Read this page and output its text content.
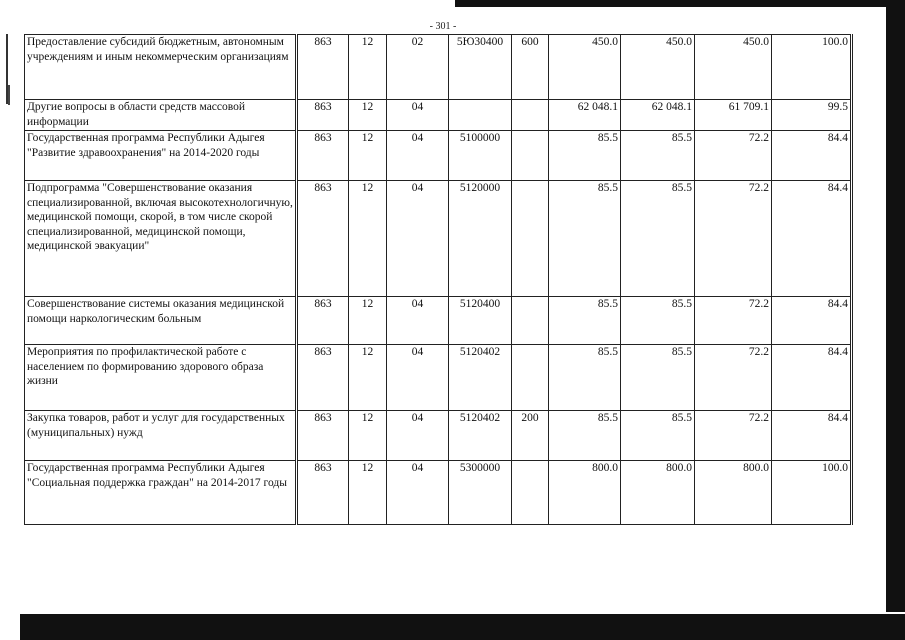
- 301 -
Предоставление субсидий бюджетным, автономным учреждениям и иным некоммерческим организациям	863	12	02	5Ю30400	600	450.0	450.0	450.0	100.0
Другие вопросы в области средств массовой информации	863	12	04			62 048.1	62 048.1	61 709.1	99.5
Государственная программа Республики Адыгея "Развитие здравоохранения" на 2014-2020 годы	863	12	04	5100000		85.5	85.5	72.2	84.4
Подпрограмма "Совершенствование оказания специализированной, включая высокотехнологичную, медицинской помощи, скорой, в том числе скорой специализированной, медицинской помощи, медицинской эвакуации"	863	12	04	5120000		85.5	85.5	72.2	84.4
Совершенствование системы оказания медицинской помощи наркологическим больным	863	12	04	5120400		85.5	85.5	72.2	84.4
Мероприятия по профилактической работе с населением по формированию здорового образа жизни	863	12	04	5120402		85.5	85.5	72.2	84.4
Закупка товаров, работ и услуг для государственных (муниципальных) нужд	863	12	04	5120402	200	85.5	85.5	72.2	84.4
Государственная программа Республики Адыгея "Социальная поддержка граждан" на 2014-2017 годы	863	12	04	5300000		800.0	800.0	800.0	100.0
